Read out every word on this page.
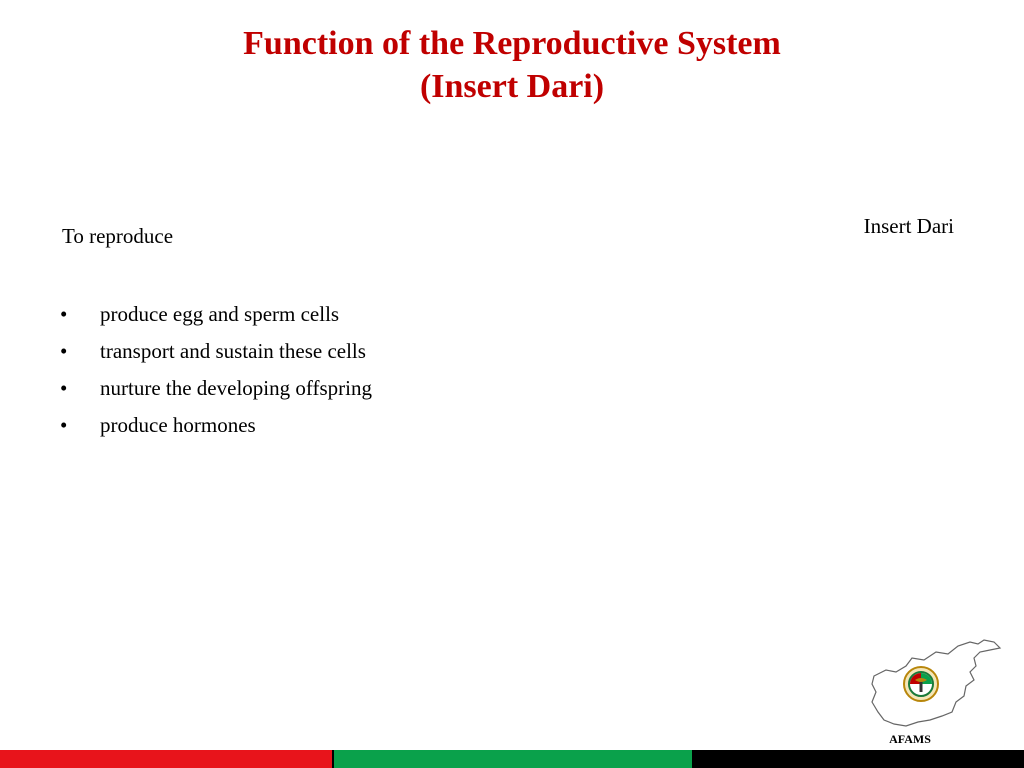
Function of the Reproductive System
(Insert Dari)
To reproduce
• produce egg and sperm cells
• transport and sustain these cells
• nurture the developing offspring
• produce hormones
Insert Dari
AFAMS
